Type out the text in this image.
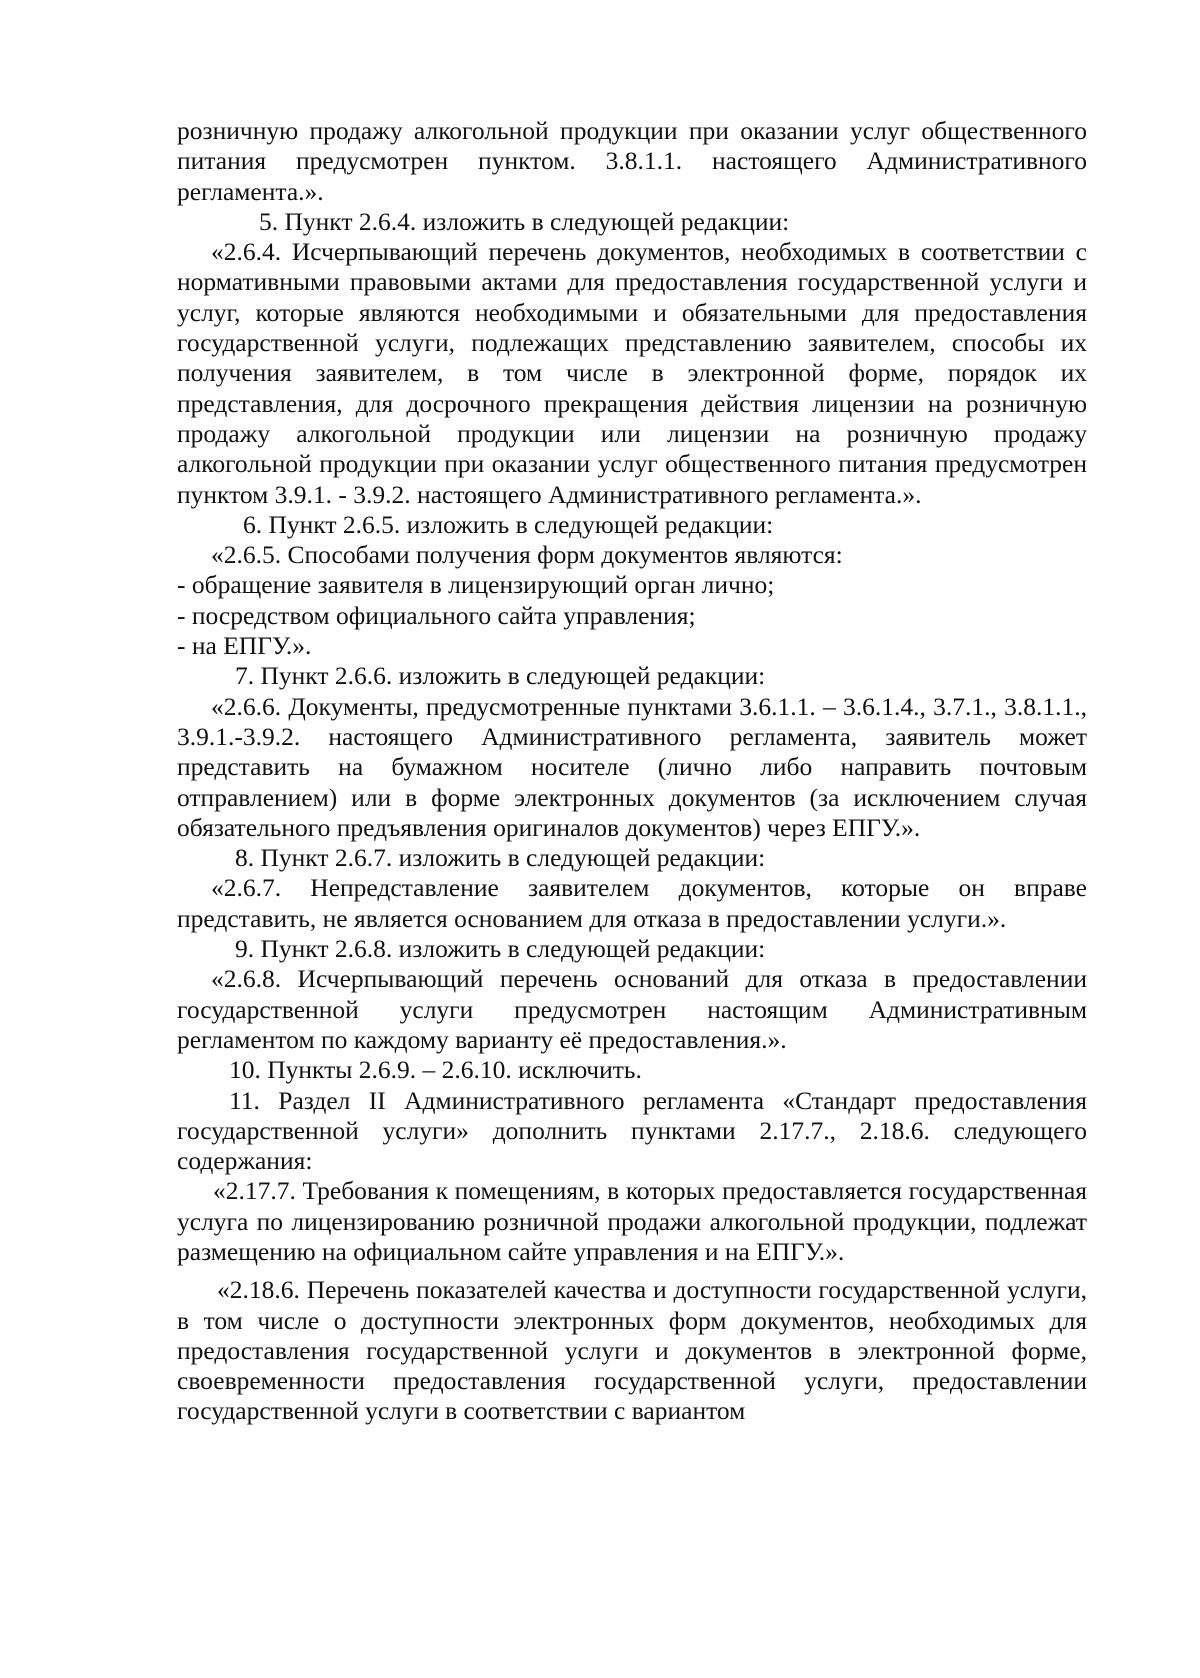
розничную продажу алкогольной продукции при оказании услуг общественного питания предусмотрен пунктом. 3.8.1.1. настоящего Административного регламента.».

5. Пункт 2.6.4. изложить в следующей редакции:

«2.6.4. Исчерпывающий перечень документов, необходимых в соответствии с нормативными правовыми актами для предоставления государственной услуги и услуг, которые являются необходимыми и обязательными для предоставления государственной услуги, подлежащих представлению заявителем, способы их получения заявителем, в том числе в электронной форме, порядок их представления, для досрочного прекращения действия лицензии на розничную продажу алкогольной продукции или лицензии на розничную продажу алкогольной продукции при оказании услуг общественного питания предусмотрен пунктом 3.9.1. - 3.9.2. настоящего Административного регламента.».

6. Пункт 2.6.5. изложить в следующей редакции:

«2.6.5. Способами получения форм документов являются:

- обращение заявителя в лицензирующий орган лично;

- посредством официального сайта управления;

- на ЕПГУ.».

7. Пункт 2.6.6. изложить в следующей редакции:

«2.6.6. Документы, предусмотренные пунктами 3.6.1.1. – 3.6.1.4., 3.7.1., 3.8.1.1., 3.9.1.-3.9.2. настоящего Административного регламента, заявитель может представить на бумажном носителе (лично либо направить почтовым отправлением) или в форме электронных документов (за исключением случая обязательного предъявления оригиналов документов) через ЕПГУ.».

8. Пункт 2.6.7. изложить в следующей редакции:

«2.6.7. Непредставление заявителем документов, которые он вправе представить, не является основанием для отказа в предоставлении услуги.».

9. Пункт 2.6.8. изложить в следующей редакции:

«2.6.8. Исчерпывающий перечень оснований для отказа в предоставлении государственной услуги предусмотрен настоящим Административным регламентом по каждому варианту её предоставления.».

10. Пункты 2.6.9. – 2.6.10. исключить.

11. Раздел II Административного регламента «Стандарт предоставления государственной услуги» дополнить пунктами 2.17.7., 2.18.6. следующего содержания:

«2.17.7. Требования к помещениям, в которых предоставляется государственная услуга по лицензированию розничной продажи алкогольной продукции, подлежат размещению на официальном сайте управления и на ЕПГУ.».

«2.18.6. Перечень показателей качества и доступности государственной услуги, в том числе о доступности электронных форм документов, необходимых для предоставления государственной услуги и документов в электронной форме, своевременности предоставления государственной услуги, предоставлении государственной услуги в соответствии с вариантом
